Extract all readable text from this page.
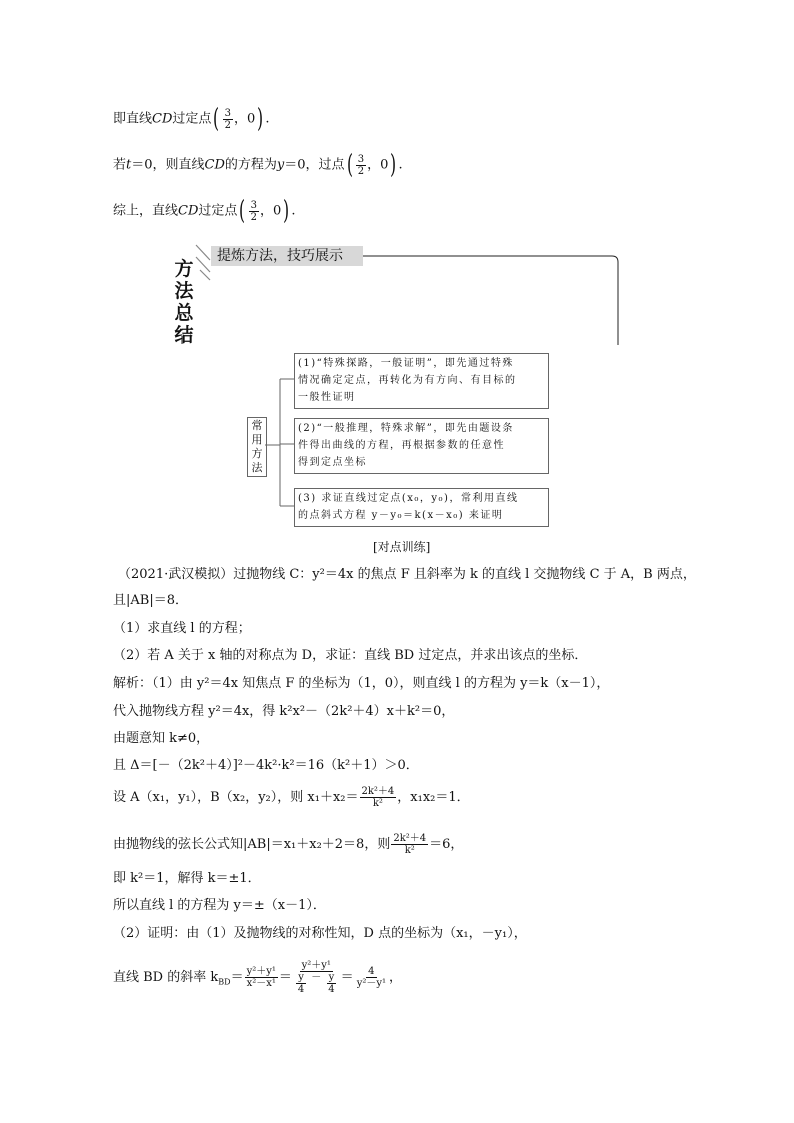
即直线CD过定点( $\frac{3}{2}$ ，0) .
若t＝0，则直线CD的方程为y＝0，过点( $\frac{3}{2}$ ，0) .
综上，直线CD过定点( $\frac{3}{2}$ ，0) .
方
法
总
结
提炼方法，技巧展示
常用方法
(1)“特殊探路，一般证明”，即先通过特殊
情况确定定点，再转化为有方向、有目标的
一般性证明
(2)“一般推理，特殊求解”，即先由题设条
件得出曲线的方程，再根据参数的任意性
得到定点坐标
(3) 求证直线过定点(x₀，y₀)，常利用直线
的点斜式方程 y－y₀＝k(x－x₀) 来证明
[对点训练]
（2021·武汉模拟）过抛物线 C：y²＝4x 的焦点 F 且斜率为 k 的直线 l 交抛物线 C 于 A，B 两点，
且|AB|＝8．
（1）求直线 l 的方程；
（2）若 A 关于 x 轴的对称点为 D，求证：直线 BD 过定点，并求出该点的坐标．
解析：（1）由 y²＝4x 知焦点 F 的坐标为（1，0），则直线 l 的方程为 y＝k（x－1），
代入抛物线方程 y²＝4x，得 k²x²－（2k²＋4）x＋k²＝0，
由题意知 k≠0，
且 Δ＝[－（2k²＋4）]²－4k²·k²＝16（k²＋1）＞0．
设 A（x₁，y₁），B（x₂，y₂），则 $x_1+x_2= \frac{\text{2k²＋4}}{\text{k²}}$ ，x₁x₂＝1．
由抛物线的弦长公式知|AB|＝x₁＋x₂＋2＝8，则 $\frac{\text{2k²＋4}}{\text{k²}} =6$，
即 k²＝1，解得 k＝±1．
所以直线 l 的方程为 y＝±（x－1）．
（2）证明：由（1）及抛物线的对称性知，D 点的坐标为（x₁，－y₁），
直线 BD 的斜率 $k_{BD}= \frac{\text{y²＋y¹}}{\text{x²－x¹}} = \frac{\text{y²＋y¹}}{\frac{y}{4} - \frac{y}{4}} = \frac{4}{\text{y²－y¹}}$ ，
